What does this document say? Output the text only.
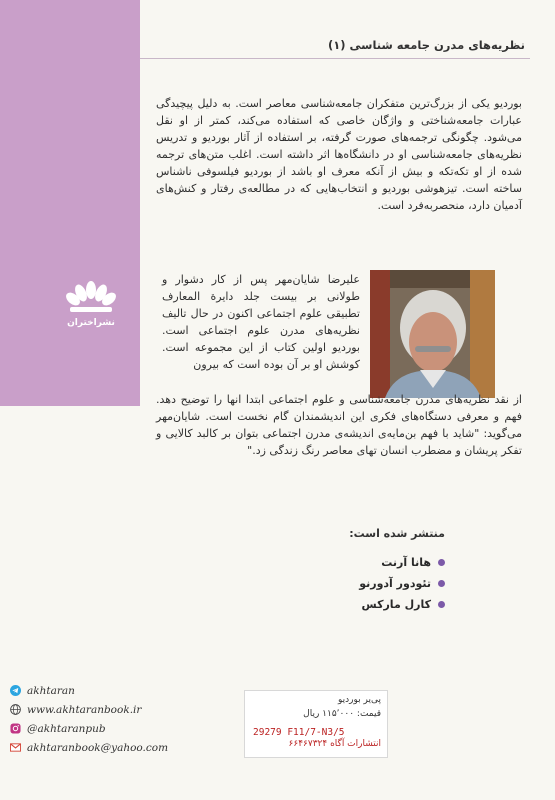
نظریه‌های مدرن جامعه شناسی (۱)
نشراختران

بوردیو یکی از بزرگ‌ترین متفکران جامعه‌شناسی معاصر است. به دلیل پیچیدگی عبارات جامعه‌شناختی و واژگان خاصی که استفاده می‌کند، کمتر از او نقل می‌شود. چگونگی ترجمه‌های صورت گرفته، بر استفاده از آثار بوردیو و تدریس نظریه‌های جامعه‌شناسی او در دانشگاه‌ها اثر داشته است. اغلب متن‌های ترجمه شده از او تکه‌تکه و بیش از آنکه معرف او باشد از بوردیو فیلسوفی ناشناس ساخته است. تیزهوشی بوردیو و انتخاب‌هایی که در مطالعه‌ی رفتار و کنش‌های آدمیان دارد، منحصربه‌فرد است.

علیرضا شایان‌مهر پس از کار دشوار و طولانی بر بیست جلد دایرة المعارف تطبیقی علوم اجتماعی اکنون در حال تالیف نظریه‌های مدرن علوم اجتماعی است. بوردیو اولین کتاب از این مجموعه است. کوشش او بر آن بوده است که بیرون

از نقد نظریه‌های مدرن جامعه‌شناسی و علوم اجتماعی ابتدا انها را توضیح دهد. فهم و معرفی دستگاه‌های فکری این اندیشمندان گام نخست است. شایان‌مهر می‌گوید: "شاید با فهم بن‌مایه‌ی اندیشه‌ی مدرن اجتماعی بتوان بر کالبد کالایی و تفکر پریشان و مضطرب انسان تهای معاصر رنگ زندگی زد."

منتشر شده است:
هانا آرنت
تئودور آدورنو
کارل مارکس
akhtaran
www.akhtaranbook.ir
@akhtaranpub
akhtaranbook@yahoo.com
پی‌یر بوردیو
قیمت: ۱۱۵٬۰۰۰ ریال
29279 F11/7-N3/5
انتشارات آگاه ۶۶۴۶۷۳۲۴
